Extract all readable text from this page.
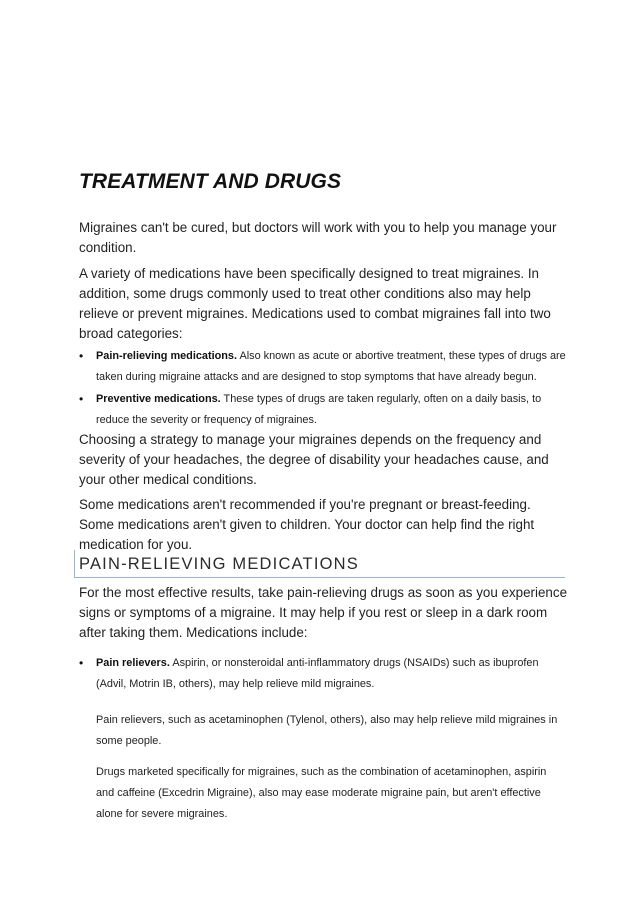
TREATMENT AND DRUGS

Migraines can't be cured, but doctors will work with you to help you manage your condition.

A variety of medications have been specifically designed to treat migraines. In addition, some drugs commonly used to treat other conditions also may help relieve or prevent migraines. Medications used to combat migraines fall into two broad categories:

• Pain-relieving medications. Also known as acute or abortive treatment, these types of drugs are taken during migraine attacks and are designed to stop symptoms that have already begun.
• Preventive medications. These types of drugs are taken regularly, often on a daily basis, to reduce the severity or frequency of migraines.

Choosing a strategy to manage your migraines depends on the frequency and severity of your headaches, the degree of disability your headaches cause, and your other medical conditions.

Some medications aren't recommended if you're pregnant or breast-feeding. Some medications aren't given to children. Your doctor can help find the right medication for you.

PAIN-RELIEVING MEDICATIONS

For the most effective results, take pain-relieving drugs as soon as you experience signs or symptoms of a migraine. It may help if you rest or sleep in a dark room after taking them. Medications include:

• Pain relievers. Aspirin, or nonsteroidal anti-inflammatory drugs (NSAIDs) such as ibuprofen (Advil, Motrin IB, others), may help relieve mild migraines.

Pain relievers, such as acetaminophen (Tylenol, others), also may help relieve mild migraines in some people.

Drugs marketed specifically for migraines, such as the combination of acetaminophen, aspirin and caffeine (Excedrin Migraine), also may ease moderate migraine pain, but aren't effective alone for severe migraines.
